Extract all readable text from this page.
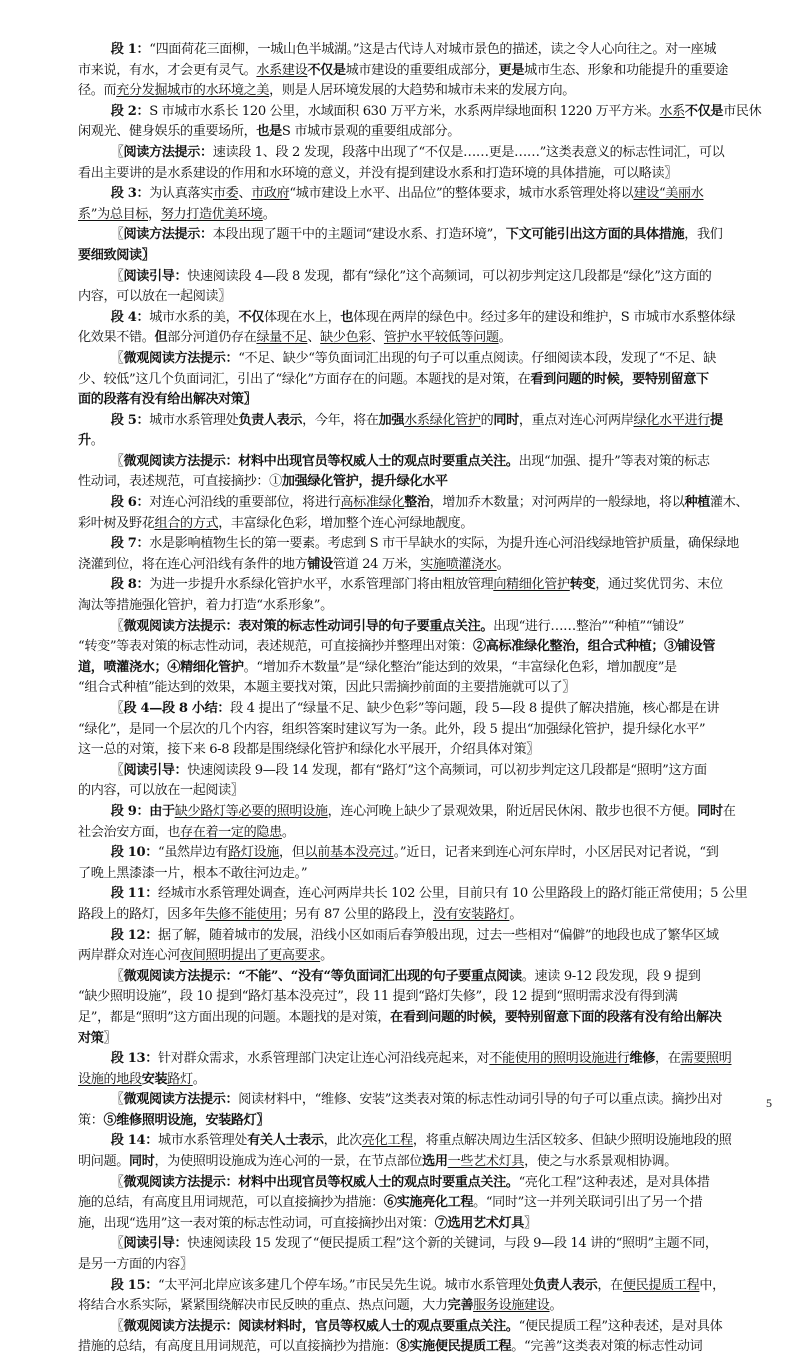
段 1：“四面荷花三面柳，一城山色半城湖。”这是古代诗人对城市景色的描述，读之令人心向往之。对一座城
市来说，有水，才会更有灵气。水系建设不仅是城市建设的重要组成部分，更是城市生态、形象和功能提升的重要途
径。而充分发掘城市的水环境之美，则是人居环境发展的大趋势和城市未来的发展方向。
段 2：S 市城市水系长 120 公里，水域面积 630 万平方米，水系两岸绿地面积 1220 万平方米。水系不仅是市民休
闲观光、健身娱乐的重要场所，也是S 市城市景观的重要组成部分。
〖阅读方法提示：速读段 1、段 2 发现，段落中出现了“不仅是……更是……”这类表意义的标志性词汇，可以
看出主要讲的是水系建设的作用和水环境的意义，并没有提到建设水系和打造环境的具体措施，可以略读〗
段 3：为认真落实市委、市政府“城市建设上水平、出品位”的整体要求，城市水系管理处将以建设“美丽水
系”为总目标，努力打造优美环境。
〖阅读方法提示：本段出现了题干中的主题词“建设水系、打造环境”，下文可能引出这方面的具体措施，我们
要细致阅读〗
〖阅读引导：快速阅读段 4—段 8 发现，都有“绿化”这个高频词，可以初步判定这几段都是“绿化”这方面的
内容，可以放在一起阅读〗
段 4：城市水系的美，不仅体现在水上，也体现在两岸的绿色中。经过多年的建设和维护，S 市城市水系整体绿
化效果不错。但部分河道仍存在绿量不足、缺少色彩、管护水平较低等问题。
〖微观阅读方法提示：“不足、缺少“等负面词汇出现的句子可以重点阅读。仔细阅读本段，发现了“不足、缺
少、较低”这几个负面词汇，引出了“绿化”方面存在的问题。本题找的是对策，在看到问题的时候，要特别留意下
面的段落有没有给出解决对策〗
段 5：城市水系管理处负责人表示，今年，将在加强水系绿化管护的同时，重点对连心河两岸绿化水平进行提
升。
〖微观阅读方法提示：材料中出现官员等权威人士的观点时要重点关注。出现“加强、提升”等表对策的标志
性动词，表述规范，可直接摘抄：①加强绿化管护，提升绿化水平
段 6：对连心河沿线的重要部位，将进行高标准绿化整治，增加乔木数量；对河两岸的一般绿地，将以种植灌木、
彩叶树及野花组合的方式，丰富绿化色彩，增加整个连心河绿地靓度。
段 7：水是影响植物生长的第一要素。考虑到 S 市干旱缺水的实际，为提升连心河沿线绿地管护质量，确保绿地
浇灌到位，将在连心河沿线有条件的地方铺设管道 24 万米，实施喷灌浇水。
段 8：为进一步提升水系绿化管护水平，水系管理部门将由粗放管理向精细化管护转变，通过奖优罚劣、末位
淘汰等措施强化管护，着力打造“水系形象”。
〖微观阅读方法提示：表对策的标志性动词引导的句子要重点关注。出现“进行……整治”“种植”“铺设”
“转变”等表对策的标志性动词，表述规范，可直接摘抄并整理出对策：②高标准绿化整治，组合式种植；③铺设管
道，喷灌浇水；④精细化管护。“增加乔木数量”是“绿化整治”能达到的效果，“丰富绿化色彩，增加靓度”是
“组合式种植”能达到的效果，本题主要找对策，因此只需摘抄前面的主要措施就可以了〗
〖段 4—段 8 小结：段 4 提出了“绿量不足、缺少色彩”等问题，段 5—段 8 提供了解决措施，核心都是在讲
“绿化”，是同一个层次的几个内容，组织答案时建议写为一条。此外，段 5 提出“加强绿化管护，提升绿化水平”
这一总的对策，接下来 6-8 段都是围绕绿化管护和绿化水平展开，介绍具体对策〗
〖阅读引导：快速阅读段 9—段 14 发现，都有“路灯”这个高频词，可以初步判定这几段都是“照明”这方面
的内容，可以放在一起阅读〗
段 9：由于缺少路灯等必要的照明设施，连心河晚上缺少了景观效果，附近居民休闲、散步也很不方便。同时在
社会治安方面，也存在着一定的隐患。
段 10：“虽然岸边有路灯设施，但以前基本没亮过。”近日，记者来到连心河东岸时，小区居民对记者说，“到
了晚上黑漆漆一片，根本不敢往河边走。”
段 11：经城市水系管理处调查，连心河两岸共长 102 公里，目前只有 10 公里路段上的路灯能正常使用；5 公里
路段上的路灯，因多年失修不能使用；另有 87 公里的路段上，没有安装路灯。
段 12：据了解，随着城市的发展，沿线小区如雨后春笋般出现，过去一些相对“偏僻”的地段也成了繁华区域
两岸群众对连心河夜间照明提出了更高要求。
〖微观阅读方法提示：“不能”、“没有“等负面词汇出现的句子要重点阅读。速读 9-12 段发现，段 9 提到
“缺少照明设施”，段 10 提到“路灯基本没亮过”，段 11 提到“路灯失修”，段 12 提到“照明需求没有得到满
足”，都是“照明”这方面出现的问题。本题找的是对策，在看到问题的时候，要特别留意下面的段落有没有给出解决
对策〗
段 13：针对群众需求，水系管理部门决定让连心河沿线亮起来，对不能使用的照明设施进行维修，在需要照明
设施的地段安装路灯。
〖微观阅读方法提示：阅读材料中，“维修、安装”这类表对策的标志性动词引导的句子可以重点读。摘抄出对
策：⑤维修照明设施，安装路灯〗
段 14：城市水系管理处有关人士表示，此次亮化工程，将重点解决周边生活区较多、但缺少照明设施地段的照
明问题。同时，为使照明设施成为连心河的一景，在节点部位选用一些艺术灯具，使之与水系景观相协调。
〖微观阅读方法提示：材料中出现官员等权威人士的观点时要重点关注。“亮化工程”这种表述，是对具体措
施的总结，有高度且用词规范，可以直接摘抄为措施：⑥实施亮化工程。“同时”这一并列关联词引出了另一个措
施，出现“选用”这一表对策的标志性动词，可直接摘抄出对策：⑦选用艺术灯具〗
〖阅读引导：快速阅读段 15 发现了“便民提质工程”这个新的关键词，与段 9—段 14 讲的“照明”主题不同，
是另一方面的内容〗
段 15：“太平河北岸应该多建几个停车场。”市民吴先生说。城市水系管理处负责人表示，在便民提质工程中，
将结合水系实际，紧紧围绕解决市民反映的重点、热点问题，大力完善服务设施建设。
〖微观阅读方法提示：阅读材料时，官员等权威人士的观点要重点关注。“便民提质工程”这种表述，是对具体
措施的总结，有高度且用词规范，可以直接摘抄为措施：⑧实施便民提质工程。“完善”这类表对策的标志性动词
5
